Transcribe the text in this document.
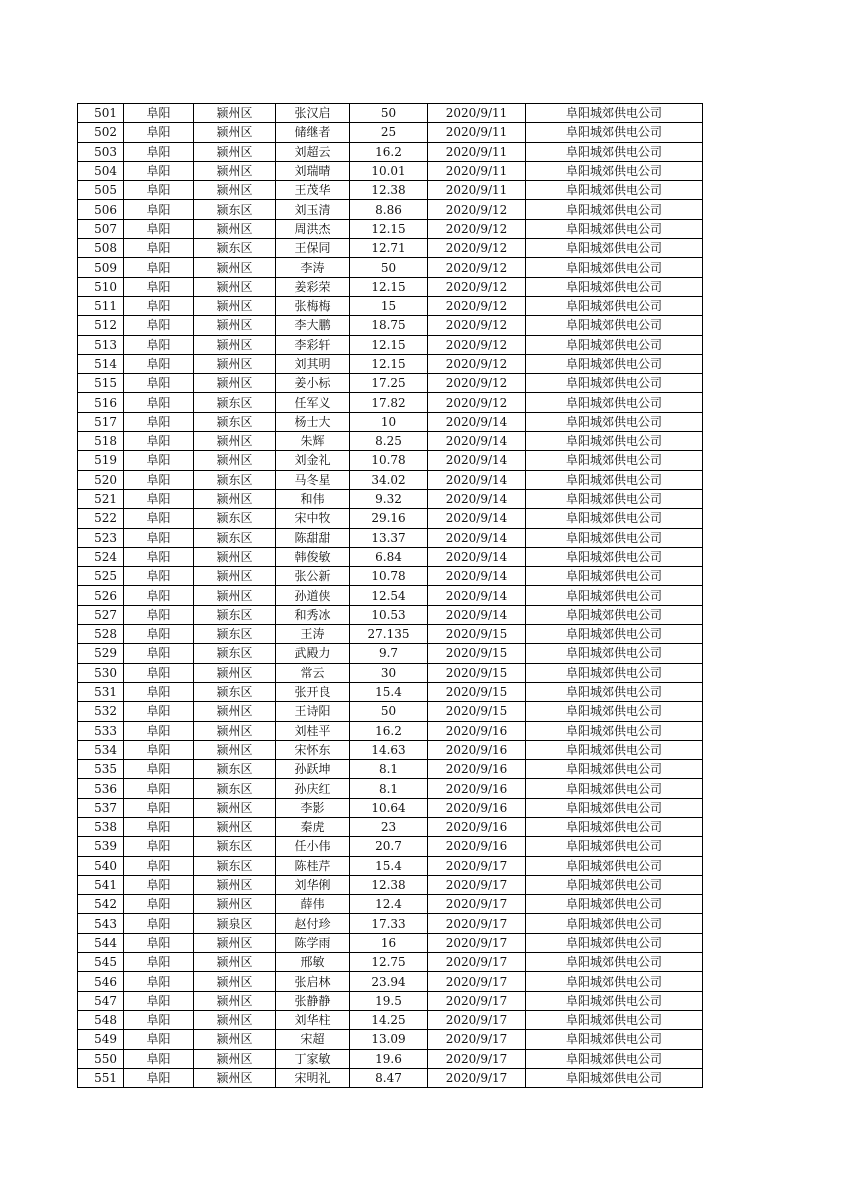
501	阜阳	颍州区	张汉启	50	2020/9/11	阜阳城郊供电公司
502	阜阳	颍州区	储继者	25	2020/9/11	阜阳城郊供电公司
503	阜阳	颍州区	刘超云	16.2	2020/9/11	阜阳城郊供电公司
504	阜阳	颍州区	刘瑞晴	10.01	2020/9/11	阜阳城郊供电公司
505	阜阳	颍州区	王茂华	12.38	2020/9/11	阜阳城郊供电公司
506	阜阳	颍东区	刘玉清	8.86	2020/9/12	阜阳城郊供电公司
507	阜阳	颍州区	周洪杰	12.15	2020/9/12	阜阳城郊供电公司
508	阜阳	颍东区	王保同	12.71	2020/9/12	阜阳城郊供电公司
509	阜阳	颍州区	李涛	50	2020/9/12	阜阳城郊供电公司
510	阜阳	颍州区	姜彩荣	12.15	2020/9/12	阜阳城郊供电公司
511	阜阳	颍州区	张梅梅	15	2020/9/12	阜阳城郊供电公司
512	阜阳	颍州区	李大鹏	18.75	2020/9/12	阜阳城郊供电公司
513	阜阳	颍州区	李彩轩	12.15	2020/9/12	阜阳城郊供电公司
514	阜阳	颍州区	刘其明	12.15	2020/9/12	阜阳城郊供电公司
515	阜阳	颍州区	姜小标	17.25	2020/9/12	阜阳城郊供电公司
516	阜阳	颍东区	任军义	17.82	2020/9/12	阜阳城郊供电公司
517	阜阳	颍东区	杨士大	10	2020/9/14	阜阳城郊供电公司
518	阜阳	颍州区	朱辉	8.25	2020/9/14	阜阳城郊供电公司
519	阜阳	颍州区	刘金礼	10.78	2020/9/14	阜阳城郊供电公司
520	阜阳	颍东区	马冬星	34.02	2020/9/14	阜阳城郊供电公司
521	阜阳	颍州区	和伟	9.32	2020/9/14	阜阳城郊供电公司
522	阜阳	颍东区	宋中牧	29.16	2020/9/14	阜阳城郊供电公司
523	阜阳	颍东区	陈甜甜	13.37	2020/9/14	阜阳城郊供电公司
524	阜阳	颍州区	韩俊敏	6.84	2020/9/14	阜阳城郊供电公司
525	阜阳	颍州区	张公新	10.78	2020/9/14	阜阳城郊供电公司
526	阜阳	颍州区	孙道侠	12.54	2020/9/14	阜阳城郊供电公司
527	阜阳	颍东区	和秀冰	10.53	2020/9/14	阜阳城郊供电公司
528	阜阳	颍东区	王涛	27.135	2020/9/15	阜阳城郊供电公司
529	阜阳	颍东区	武殿力	9.7	2020/9/15	阜阳城郊供电公司
530	阜阳	颍州区	常云	30	2020/9/15	阜阳城郊供电公司
531	阜阳	颍东区	张开良	15.4	2020/9/15	阜阳城郊供电公司
532	阜阳	颍州区	王诗阳	50	2020/9/15	阜阳城郊供电公司
533	阜阳	颍州区	刘桂平	16.2	2020/9/16	阜阳城郊供电公司
534	阜阳	颍州区	宋怀东	14.63	2020/9/16	阜阳城郊供电公司
535	阜阳	颍东区	孙跃坤	8.1	2020/9/16	阜阳城郊供电公司
536	阜阳	颍东区	孙庆红	8.1	2020/9/16	阜阳城郊供电公司
537	阜阳	颍州区	李影	10.64	2020/9/16	阜阳城郊供电公司
538	阜阳	颍州区	秦虎	23	2020/9/16	阜阳城郊供电公司
539	阜阳	颍东区	任小伟	20.7	2020/9/16	阜阳城郊供电公司
540	阜阳	颍东区	陈桂芹	15.4	2020/9/17	阜阳城郊供电公司
541	阜阳	颍州区	刘华俐	12.38	2020/9/17	阜阳城郊供电公司
542	阜阳	颍州区	薛伟	12.4	2020/9/17	阜阳城郊供电公司
543	阜阳	颍泉区	赵付珍	17.33	2020/9/17	阜阳城郊供电公司
544	阜阳	颍州区	陈学雨	16	2020/9/17	阜阳城郊供电公司
545	阜阳	颍州区	邢敏	12.75	2020/9/17	阜阳城郊供电公司
546	阜阳	颍州区	张启林	23.94	2020/9/17	阜阳城郊供电公司
547	阜阳	颍州区	张静静	19.5	2020/9/17	阜阳城郊供电公司
548	阜阳	颍州区	刘华柱	14.25	2020/9/17	阜阳城郊供电公司
549	阜阳	颍州区	宋超	13.09	2020/9/17	阜阳城郊供电公司
550	阜阳	颍州区	丁家敏	19.6	2020/9/17	阜阳城郊供电公司
551	阜阳	颍州区	宋明礼	8.47	2020/9/17	阜阳城郊供电公司
